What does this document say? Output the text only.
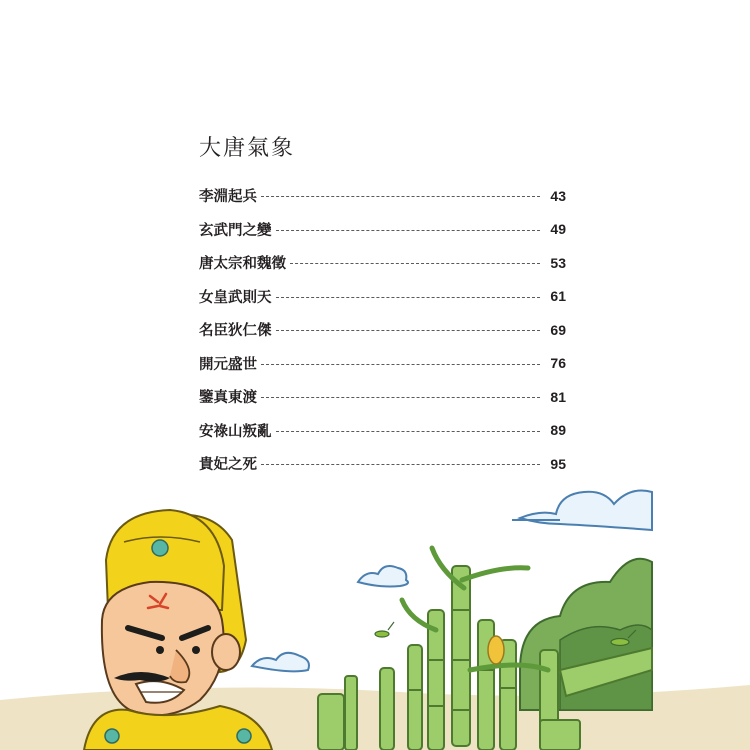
大唐氣象
李淵起兵	43
玄武門之變	49
唐太宗和魏徵	53
女皇武則天	61
名臣狄仁傑	69
開元盛世	76
鑒真東渡	81
安祿山叛亂	89
貴妃之死	95
